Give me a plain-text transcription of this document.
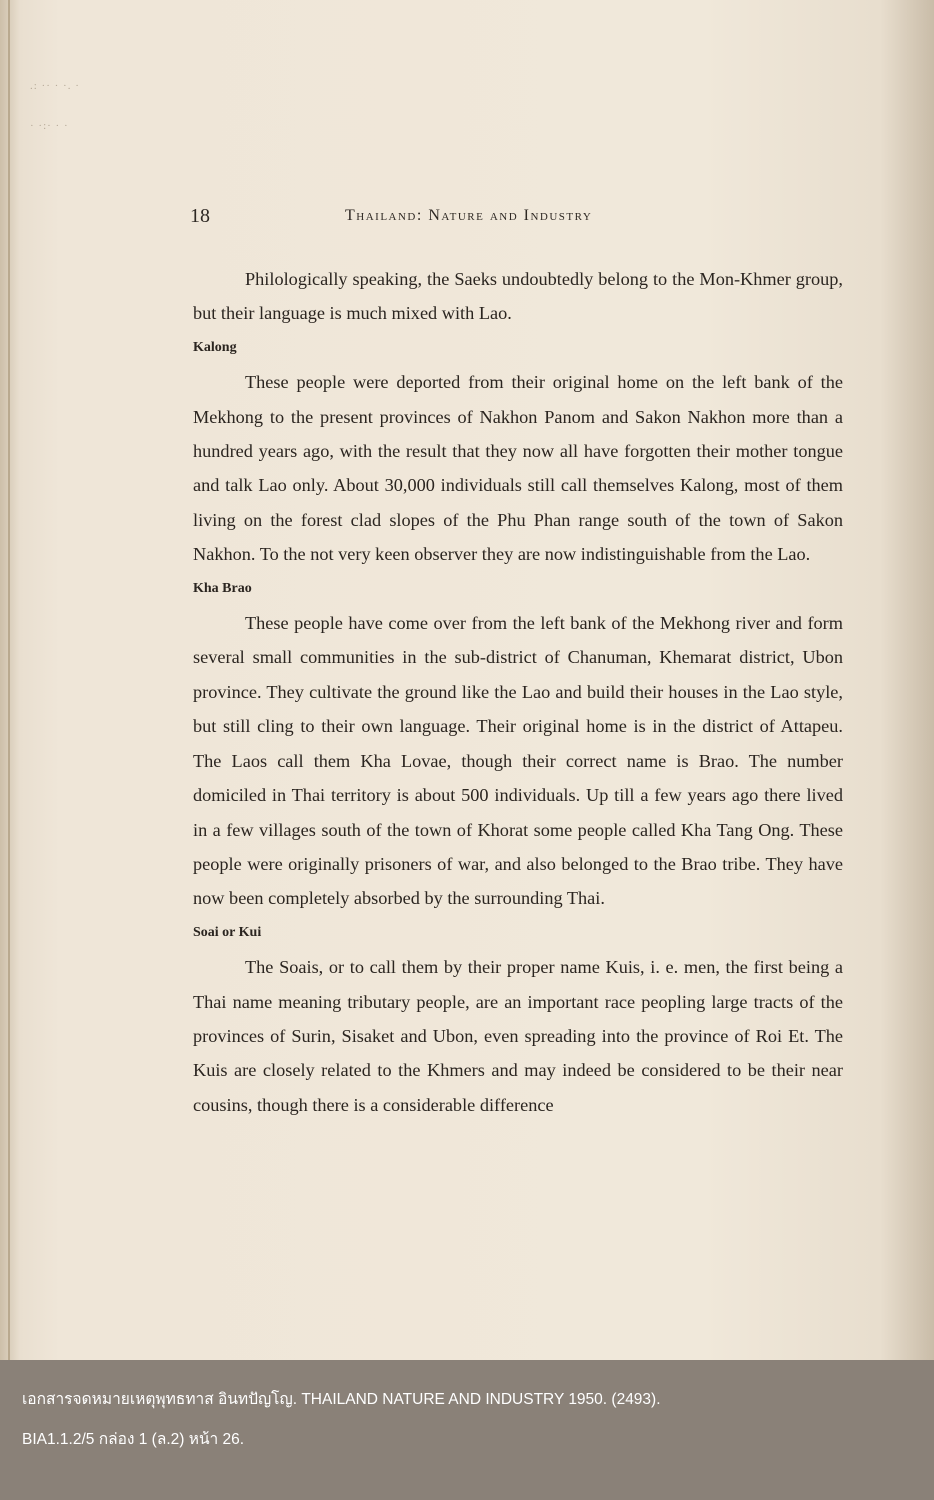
.: ·· · ·. ·
· ·:· · ·
18	Thailand: Nature and Industry

Philologically speaking, the Saeks undoubtedly belong to the Mon-Khmer group, but their language is much mixed with Lao.

Kalong

These people were deported from their original home on the left bank of the Mekhong to the present provinces of Nakhon Panom and Sakon Nakhon more than a hundred years ago, with the result that they now all have forgotten their mother tongue and talk Lao only. About 30,000 individuals still call themselves Kalong, most of them living on the forest clad slopes of the Phu Phan range south of the town of Sakon Nakhon. To the not very keen observer they are now indistinguishable from the Lao.

Kha Brao

These people have come over from the left bank of the Mekhong river and form several small communities in the sub-district of Chanuman, Khemarat district, Ubon province. They cultivate the ground like the Lao and build their houses in the Lao style, but still cling to their own language. Their original home is in the district of Attapeu. The Laos call them Kha Lovae, though their correct name is Brao. The number domiciled in Thai territory is about 500 individuals. Up till a few years ago there lived in a few villages south of the town of Khorat some people called Kha Tang Ong. These people were originally prisoners of war, and also belonged to the Brao tribe. They have now been completely absorbed by the surrounding Thai.

Soai or Kui

The Soais, or to call them by their proper name Kuis, i. e. men, the first being a Thai name meaning tributary people, are an important race peopling large tracts of the provinces of Surin, Sisaket and Ubon, even spreading into the province of Roi Et. The Kuis are closely related to the Khmers and may indeed be considered to be their near cousins, though there is a considerable difference

เอกสารจดหมายเหตุพุทธทาส อินทปัญโญ. THAILAND NATURE AND INDUSTRY 1950. (2493).
BIA1.1.2/5 กล่อง 1 (ล.2) หน้า 26.
